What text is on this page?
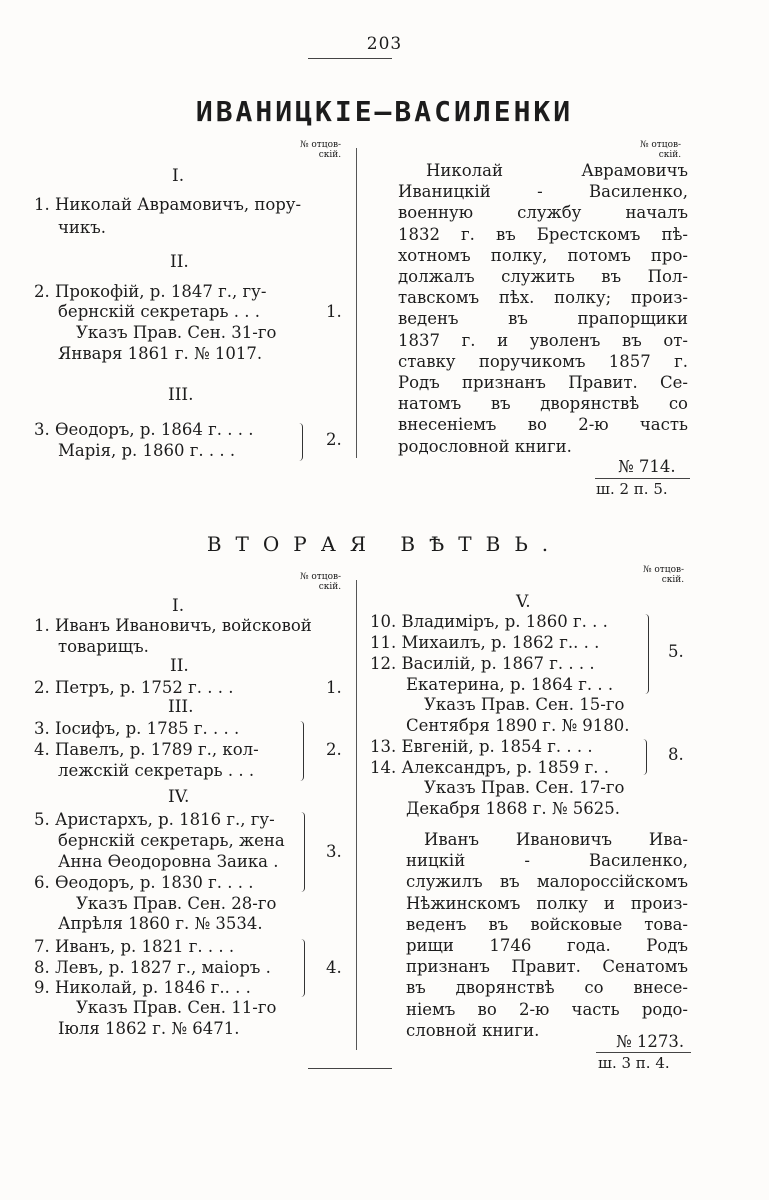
203
ИВАНИЦКІЕ–ВАСИЛЕНКИ
№ отцов-
скій.
№ отцов-
скій.
I.
1. Николай Аврамовичъ, пору-
чикъ.
II.
2. Прокофій, р. 1847 г., гу-
бернскій секретарь . . .	1.
Указъ Прав. Сен. 31-го
Января 1861 г. № 1017.
III.
3. Өеодоръ, р. 1864 г. . . .
Марія, р. 1860 г. . . .
2.
Николай Аврамовичъ
Иваницкій - Василенко,
военную службу началъ
1832 г. въ Брестскомъ пѣ-
хотномъ полку, потомъ про-
должалъ служить въ Пол-
тавскомъ пѣх. полку; произ-
веденъ въ прапорщики
1837 г. и уволенъ въ от-
ставку поручикомъ 1857 г.
Родъ признанъ Правит. Се-
натомъ въ дворянствѣ со
внесеніемъ во 2-ю часть
родословной книги.
№ 714.
ш. 2 п. 5.
ВТОРАЯ ВѢТВЬ.
№ отцов-
скій.
№ отцов-
скій.
I.
1. Иванъ Ивановичъ, войсковой
товарищъ.
II.
2. Петръ, р. 1752 г. . . .	1.
III.
3. Іосифъ, р. 1785 г. . . .
4. Павелъ, р. 1789 г., кол-
лежскій секретарь . . .
2.
IV.
5. Аристархъ, р. 1816 г., гу-
бернскій секретарь, жена
Анна Өеодоровна Заика .
6. Өеодоръ, р. 1830 г. . . .
Указъ Прав. Сен. 28-го
Апрѣля 1860 г. № 3534.
3.
7. Иванъ, р. 1821 г. . . .
8. Левъ, р. 1827 г., маіоръ .
9. Николай, р. 1846 г.. . .
4.
Указъ Прав. Сен. 11-го
Іюля 1862 г. № 6471.
V.
10. Владиміръ, р. 1860 г. . .
11. Михаилъ, р. 1862 г.. . .
12. Василій, р. 1867 г. . . .
Екатерина, р. 1864 г. . .
5.
Указъ Прав. Сен. 15-го
Сентября 1890 г. № 9180.
13. Евгеній, р. 1854 г. . . .
14. Александръ, р. 1859 г. .
8.
Указъ Прав. Сен. 17-го
Декабря 1868 г. № 5625.
Иванъ Ивановичъ Ива-
ницкій - Василенко,
служилъ въ малороссійскомъ
Нѣжинскомъ полку и произ-
веденъ въ войсковые това-
рищи 1746 года. Родъ
признанъ Правит. Сенатомъ
въ дворянствѣ со внесе-
ніемъ во 2-ю часть родо-
словной книги.
№ 1273.
ш. 3 п. 4.
